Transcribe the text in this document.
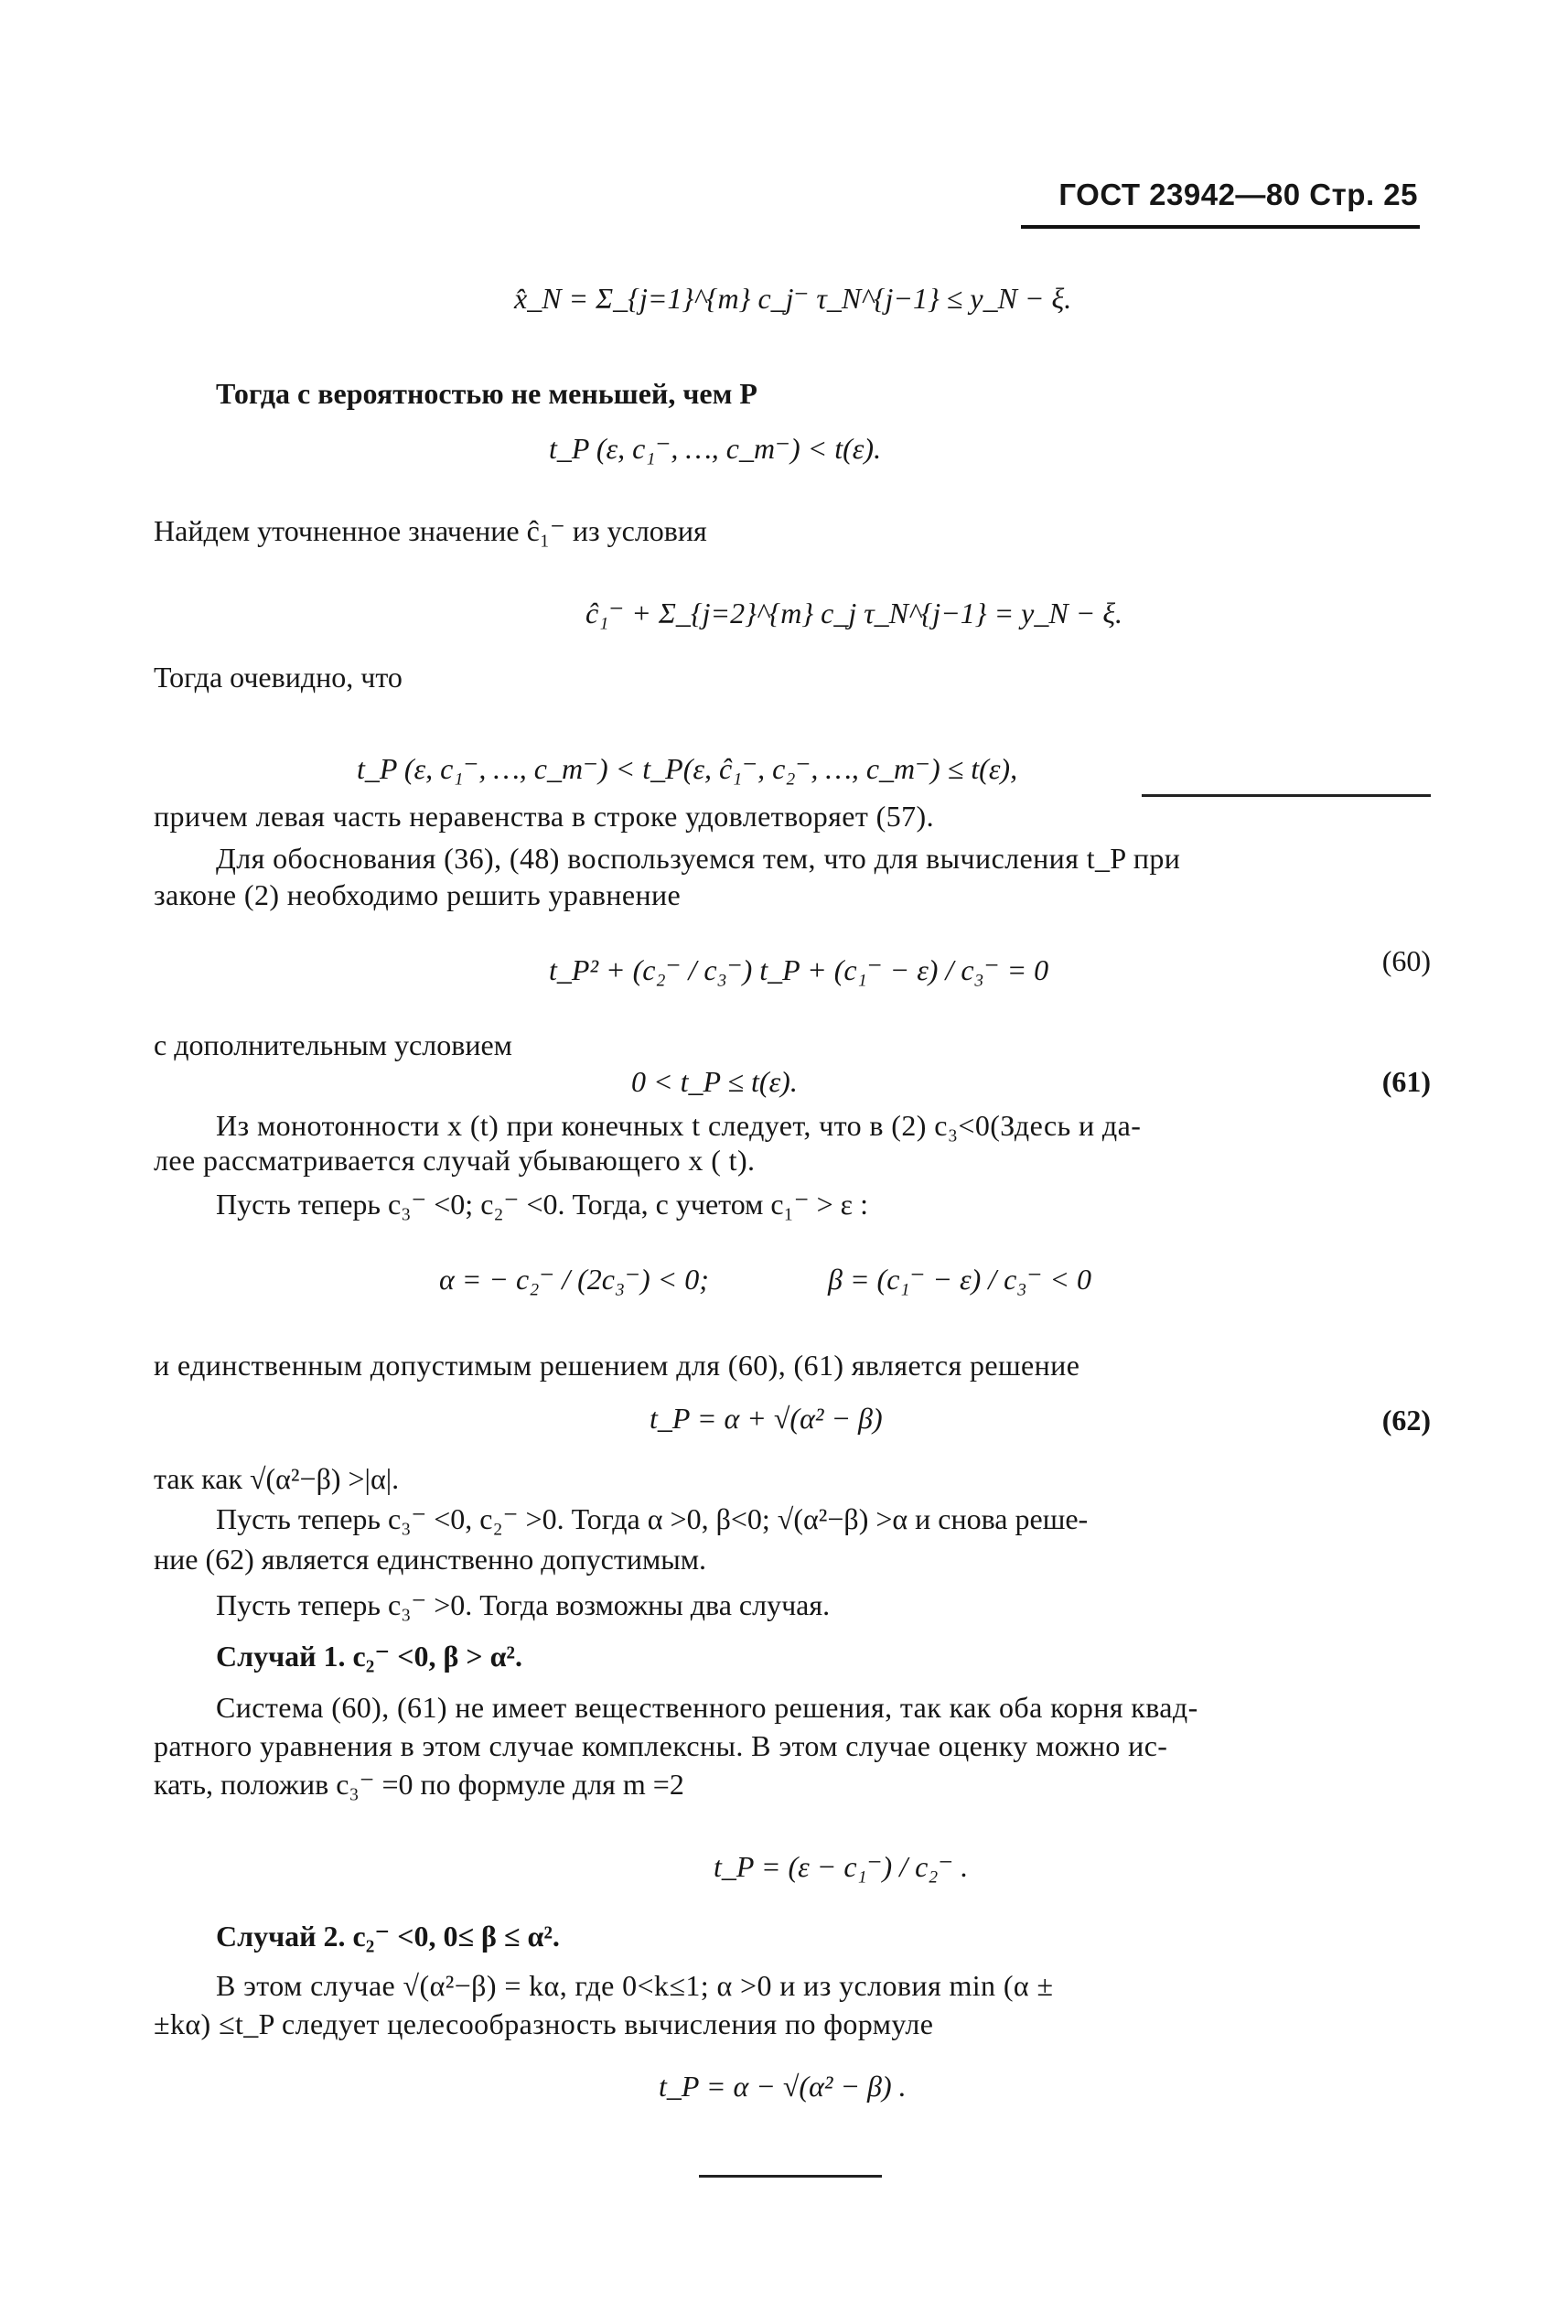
ГОСТ 23942—80 Стр. 25
x̂_N = Σ_{j=1}^{m} c_j⁻ τ_N^{j−1} ≤ y_N − ξ.
Тогда с вероятностью не меньшей, чем P
t_P (ε, c₁⁻, …, c_m⁻) < t(ε).
Найдем уточненное значение ĉ₁⁻ из условия
ĉ₁⁻ + Σ_{j=2}^{m} c_j τ_N^{j−1} = y_N − ξ.
Тогда очевидно, что
t_P (ε, c₁⁻, …, c_m⁻) < t_P(ε, ĉ₁⁻, c₂⁻, …, c_m⁻) ≤ t(ε),
причем левая часть неравенства в строке удовлетворяет (57).
Для обоснования (36), (48) воспользуемся тем, что для вычисления t_P при
законе (2) необходимо решить уравнение
t_P² + (c₂⁻ / c₃⁻) t_P + (c₁⁻ − ε) / c₃⁻ = 0	(60)
с дополнительным условием
0 < t_P ≤ t(ε).	(61)
Из монотонности x (t) при конечных t следует, что в (2) c₃<0(Здесь и да-
лее рассматривается случай убывающего x ( t).
Пусть теперь c₃⁻ <0; c₂⁻ <0. Тогда, с учетом c₁⁻ > ε :
α = − c₂⁻ / (2c₃⁻) < 0;	β = (c₁⁻ − ε) / c₃⁻ < 0
и единственным допустимым решением для (60), (61) является решение
t_P = α + √(α² − β)	(62)
так как √(α²−β) >|α|.
Пусть теперь c₃⁻ <0, c₂⁻ >0. Тогда α >0, β<0; √(α²−β) >α и снова реше-
ние (62) является единственно допустимым.
Пусть теперь c₃⁻ >0. Тогда возможны два случая.
Случай 1. c₂⁻ <0, β > α².
Система (60), (61) не имеет вещественного решения, так как оба корня квад-
ратного уравнения в этом случае комплексны. В этом случае оценку можно ис-
кать, положив c₃⁻ =0 по формуле для m =2
t_P = (ε − c₁⁻) / c₂⁻ .
Случай 2. c₂⁻ <0, 0≤ β ≤ α².
В этом случае √(α²−β) = kα, где 0<k≤1; α >0 и из условия min (α ±
±kα) ≤t_P следует целесообразность вычисления по формуле
t_P = α − √(α² − β) .
